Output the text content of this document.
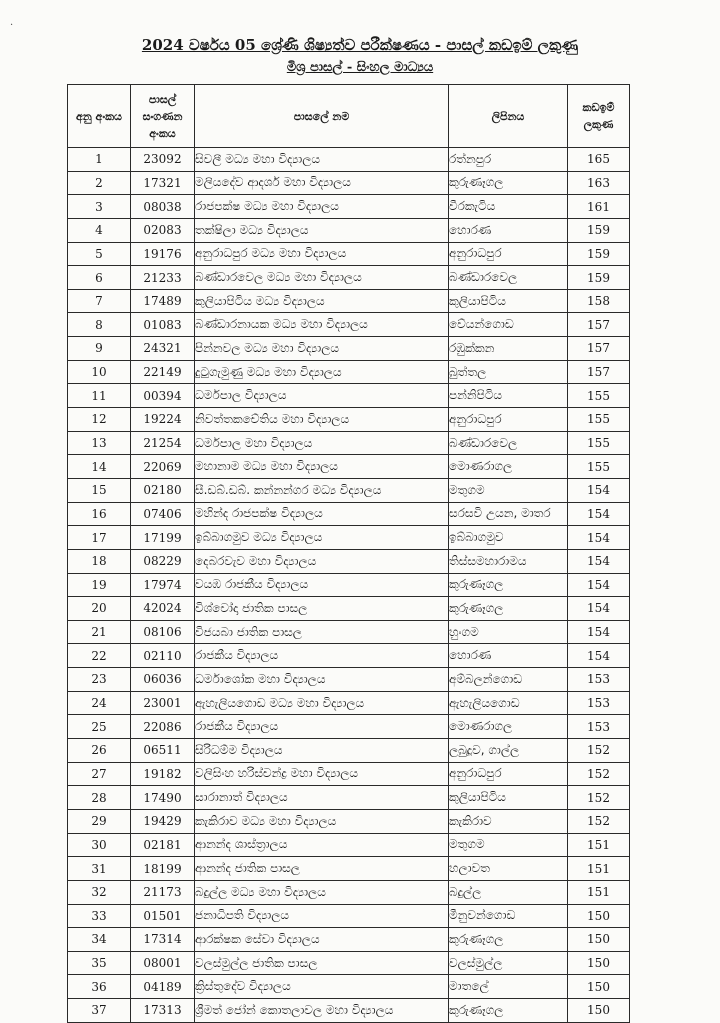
·
2024 වර්ෂය 05 ශ්‍රේණි ශිෂ්‍යත්ව පරීක්ෂණය - පාසල් කඩඉම් ලකුණු
මිශ්‍ර පාසල් - සිංහල මාධ්‍යය
අනු අංකය	පාසල් සංගණන අංකය	පාසලේ නම	ලිපිනය	කඩඉම් ලකුණ
1	23092	සිවලී මධ්‍ය මහා විද්‍යාලය	රත්නපුර	165
2	17321	මලියදේව ආදර්ශ මහා විද්‍යාලය	කුරුණෑගල	163
3	08038	රාජපක්ෂ මධ්‍ය මහා විද්‍යාලය	වීරකැටිය	161
4	02083	තක්ෂිලා මධ්‍ය විද්‍යාලය	හොරණ	159
5	19176	අනුරාධපුර මධ්‍ය මහා විද්‍යාලය	අනුරාධපුර	159
6	21233	බණ්ඩාරවෙල මධ්‍ය මහා විද්‍යාලය	බණ්ඩාරවෙල	159
7	17489	කුලියාපිටිය මධ්‍ය විද්‍යාලය	කුලියාපිටිය	158
8	01083	බණ්ඩාරනායක මධ්‍ය මහා විද්‍යාලය	වේයන්ගොඩ	157
9	24321	පින්නවල මධ්‍ය මහා විද්‍යාලය	රඹුක්කන	157
10	22149	දුටුගැමුණු මධ්‍ය මහා විද්‍යාලය	බුත්තල	157
11	00394	ධර්මපාල විද්‍යාලය	පන්නිපිටිය	155
12	19224	නිවත්තකචේතිය මහා විද්‍යාලය	අනුරාධපුර	155
13	21254	ධර්මපාල මහා විද්‍යාලය	බණ්ඩාරවෙල	155
14	22069	මහානාම මධ්‍ය මහා විද්‍යාලය	මොණරාගල	155
15	02180	සී.ඩබ්.ඩබ්. කන්නන්ගර මධ්‍ය විද්‍යාලය	මතුගම	154
16	07406	මහින්ද රාජපක්ෂ විද්‍යාලය	සරසවි උයන, මාතර	154
17	17199	ඉබ්බාගමුව මධ්‍ය විද්‍යාලය	ඉබ්බාගමුව	154
18	08229	දෙබරවැව මහා විද්‍යාලය	තිස්සමහාරාමය	154
19	17974	වයඹ රාජකීය විද්‍යාලය	කුරුණෑගල	154
20	42024	විශ්වෝදා ජාතික පාසල	කුරුණෑගල	154
21	08106	විජයබා ජාතික පාසල	හුංගම	154
22	02110	රාජකීය විද්‍යාලය	හොරණ	154
23	06036	ධර්මාශෝක මහා විද්‍යාලය	අම්බලන්ගොඩ	153
24	23001	ඇහැලියගොඩ මධ්‍ය මහා විද්‍යාලය	ඇහැලියගොඩ	153
25	22086	රාජකීය විද්‍යාලය	මොණරාගල	153
26	06511	සිරිධම්ම විද්‍යාලය	ලබුදූව, ගාල්ල	152
27	19182	වලිසිංහ හරිස්චන්ද්‍ර මහා විද්‍යාලය	අනුරාධපුර	152
28	17490	සාරානාත් විද්‍යාලය	කුලියාපිටිය	152
29	19429	කැකිරාව මධ්‍ය මහා විද්‍යාලය	කැකිරාව	152
30	02181	ආනන්ද ශාස්ත්‍රාලය	මතුගම	151
31	18199	ආනන්ද ජාතික පාසල	හලාවත	151
32	21173	බදුල්ල මධ්‍ය මහා විද්‍යාලය	බදුල්ල	151
33	01501	ජනාධිපති විද්‍යාලය	මීනුවන්ගොඩ	150
34	17314	ආරක්ෂක සේවා විද්‍යාලය	කුරුණෑගල	150
35	08001	වලස්මුල්ල ජාතික පාසල	වලස්මුල්ල	150
36	04189	ක්‍රිස්තුදේව විද්‍යාලය	මාතලේ	150
37	17313	ශ්‍රීමත් ජෝන් කොතලාවල මහා විද්‍යාලය	කුරුණෑගල	150
